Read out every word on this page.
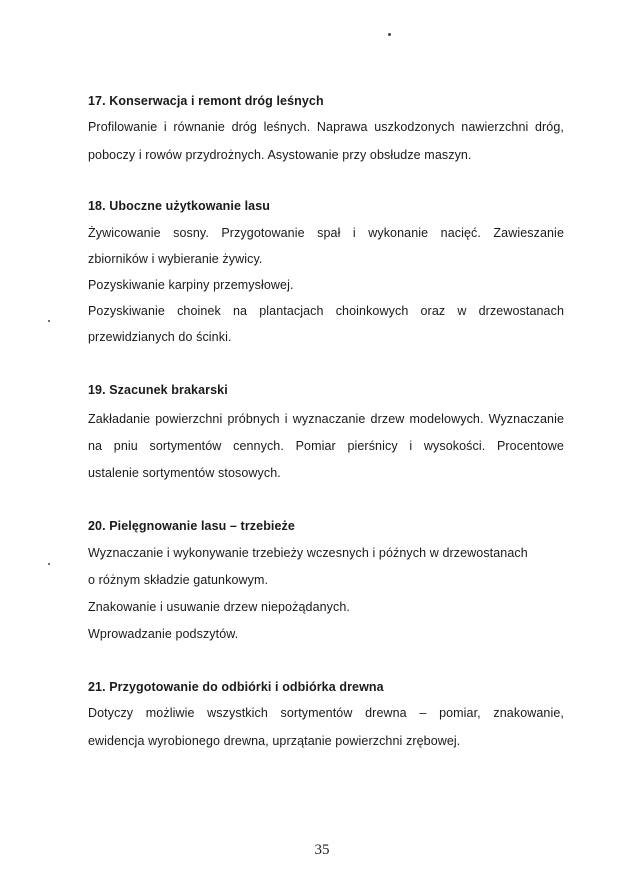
17. Konserwacja i remont dróg leśnych

Profilowanie i równanie dróg leśnych. Naprawa uszkodzonych nawierzchni dróg,

poboczy i rowów przydrożnych. Asystowanie przy obsłudze maszyn.

18. Uboczne użytkowanie lasu

Żywicowanie sosny. Przygotowanie spał i wykonanie nacięć. Zawieszanie

zbiorników i wybieranie żywicy.

Pozyskiwanie karpiny przemysłowej.

Pozyskiwanie choinek na plantacjach choinkowych oraz w drzewostanach

przewidzianych do ścinki.

19. Szacunek brakarski

Zakładanie powierzchni próbnych i wyznaczanie drzew modelowych. Wyznaczanie

na pniu sortymentów cennych. Pomiar pierśnicy i wysokości. Procentowe

ustalenie sortymentów stosowych.

20. Pielęgnowanie lasu – trzebieże

Wyznaczanie i wykonywanie trzebieży wczesnych i późnych w drzewostanach

o różnym składzie gatunkowym.

Znakowanie i usuwanie drzew niepożądanych.

Wprowadzanie podszytów.

21. Przygotowanie do odbiórki i odbiórka drewna

Dotyczy możliwie wszystkich sortymentów drewna – pomiar, znakowanie,

ewidencja wyrobionego drewna, uprzątanie powierzchni zrębowej.

35
